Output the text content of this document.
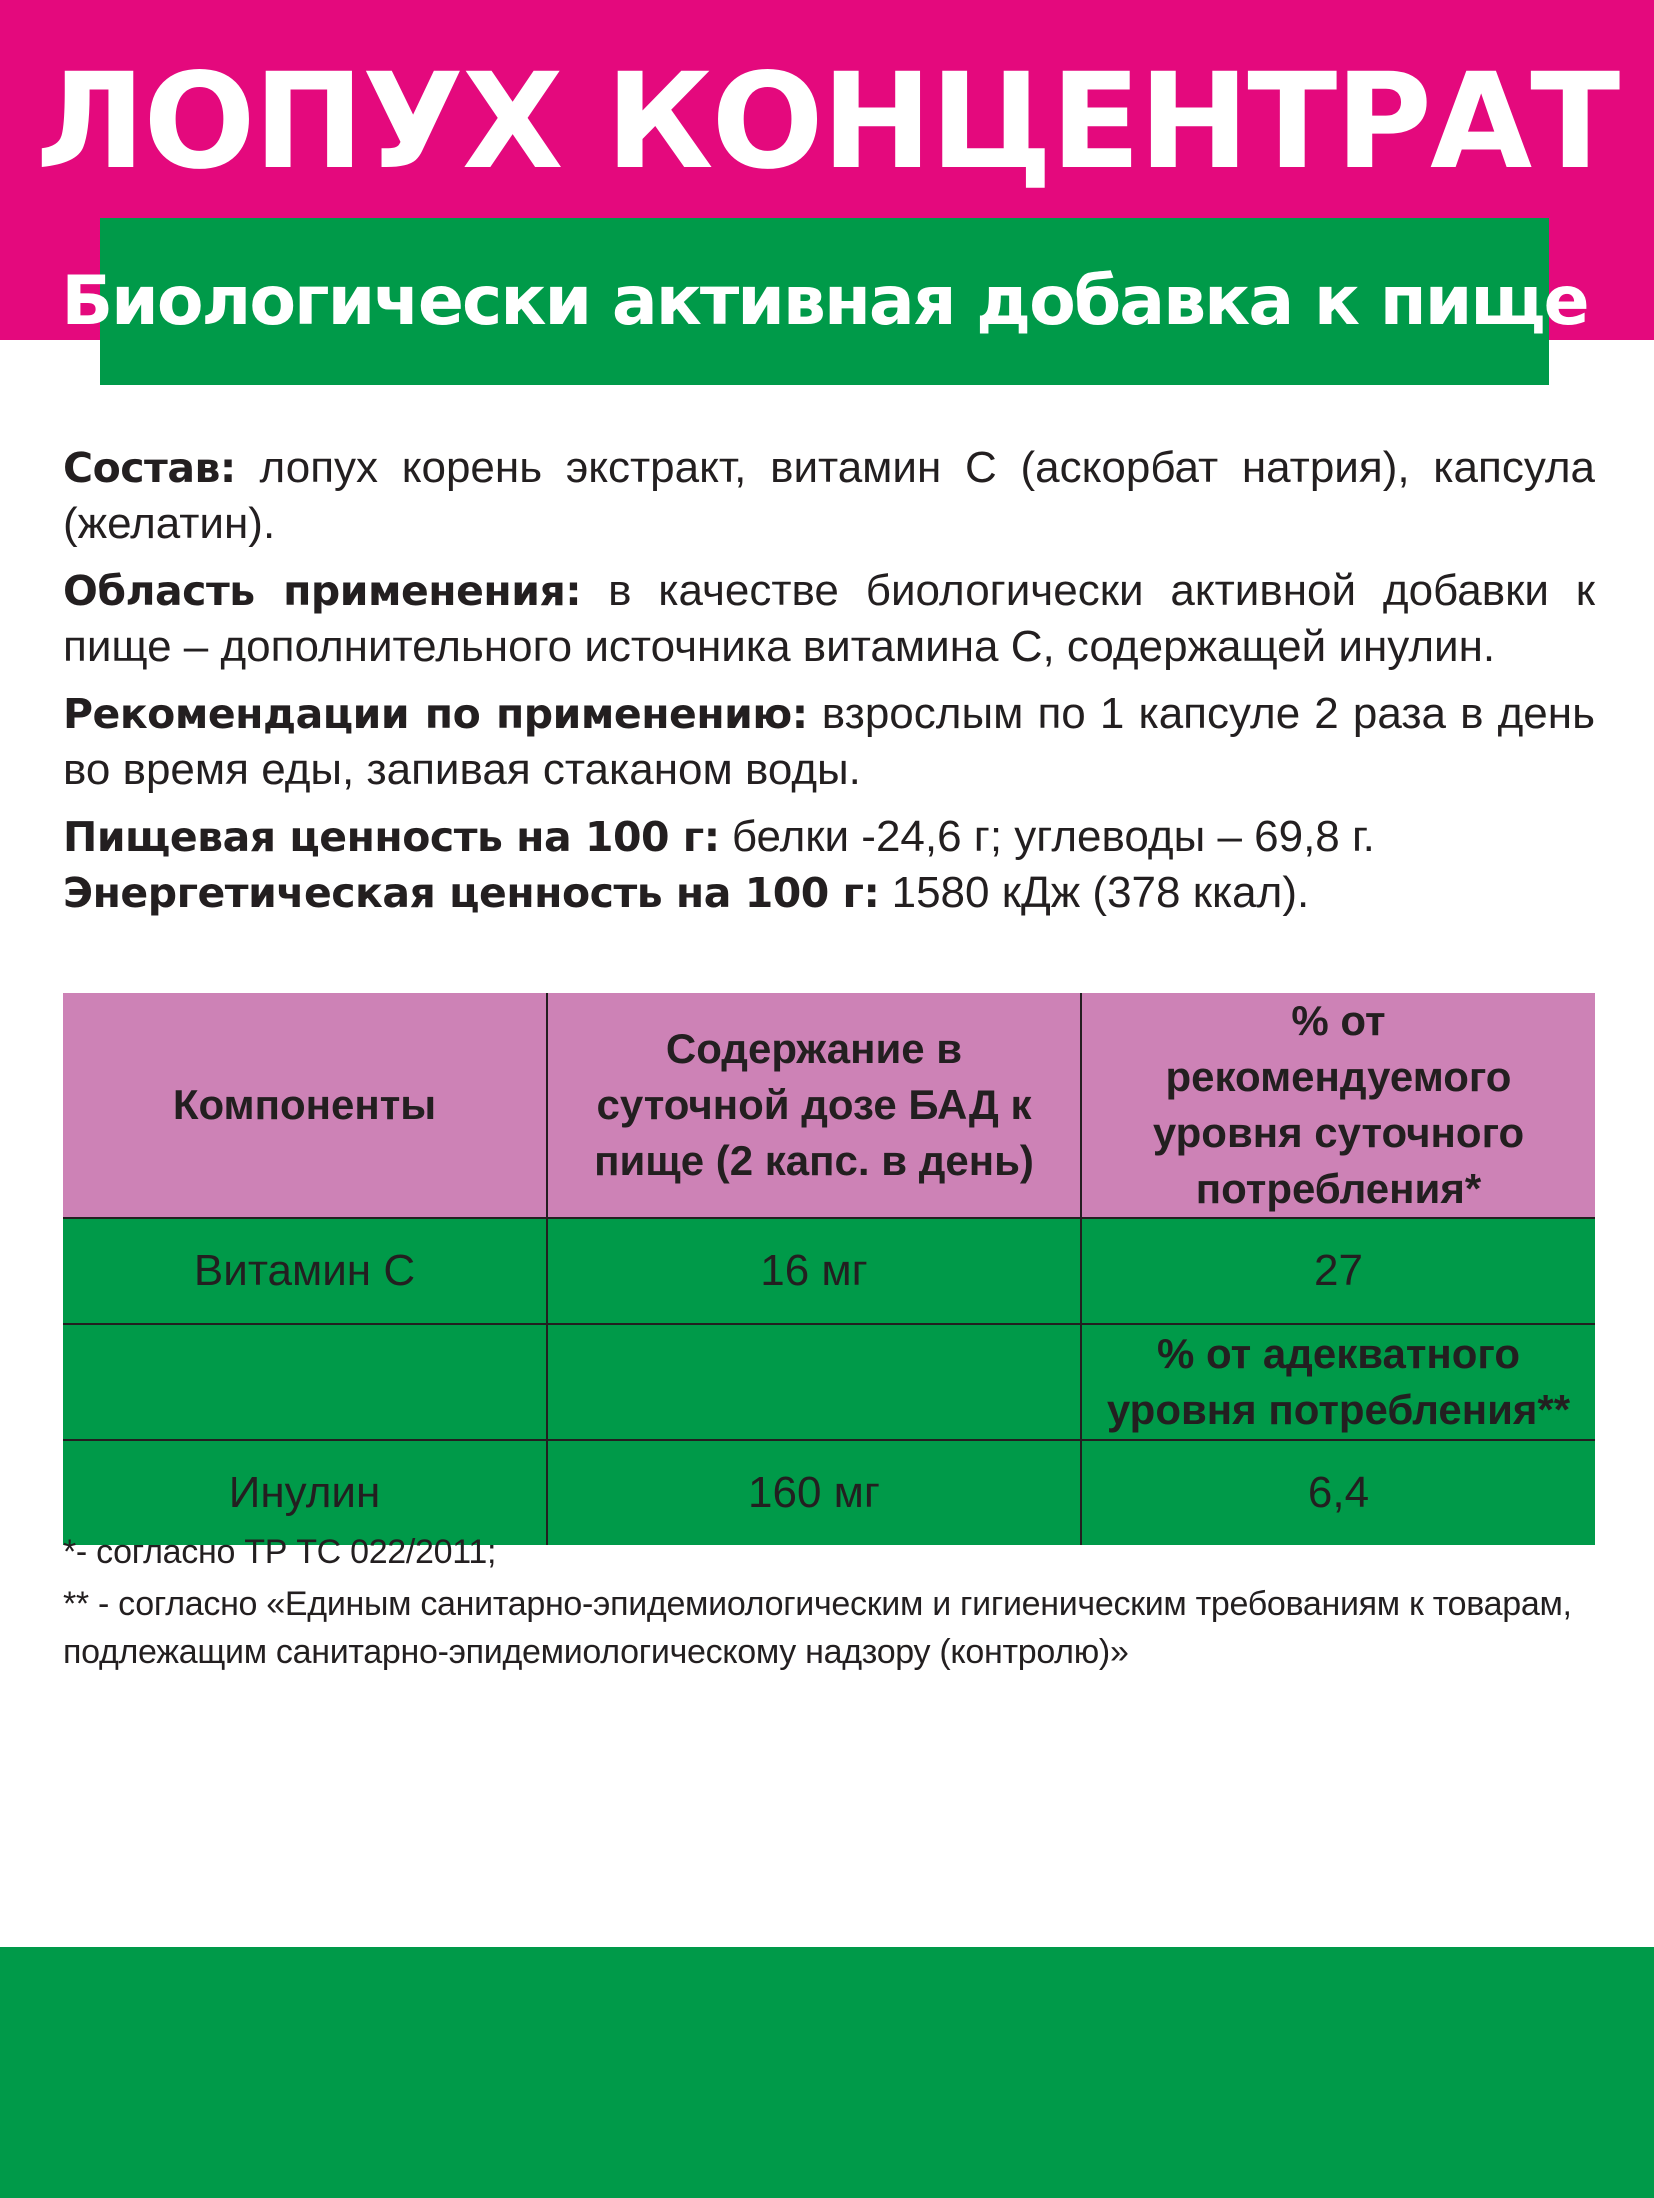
ЛОПУХ КОНЦЕНТРАТ
Биологически активная добавка к пище

Состав: лопух корень экстракт, витамин С (аскорбат натрия), капсула (желатин).

Область применения: в качестве биологически активной добавки к пище – дополнительного источника витамина С, содержащей инулин.

Рекомендации по применению: взрослым по 1 капсуле 2 раза в день во время еды, запивая стаканом воды.

Пищевая ценность на 100 г: белки -24,6 г; углеводы – 69,8 г.

Энергетическая ценность на 100 г: 1580 кДж (378 ккал).

Компоненты	Содержание в суточной дозе БАД к пище (2 капс. в день)	% от рекомендуемого уровня суточного потребления*

Витамин С	16 мг	27

		% от адекватного уровня потребления**

Инулин	160 мг	6,4

*- согласно ТР ТС 022/2011;

** - согласно «Единым санитарно-эпидемиологическим и гигиеническим требованиям к товарам, подлежащим санитарно-эпидемиологическому надзору (контролю)»
